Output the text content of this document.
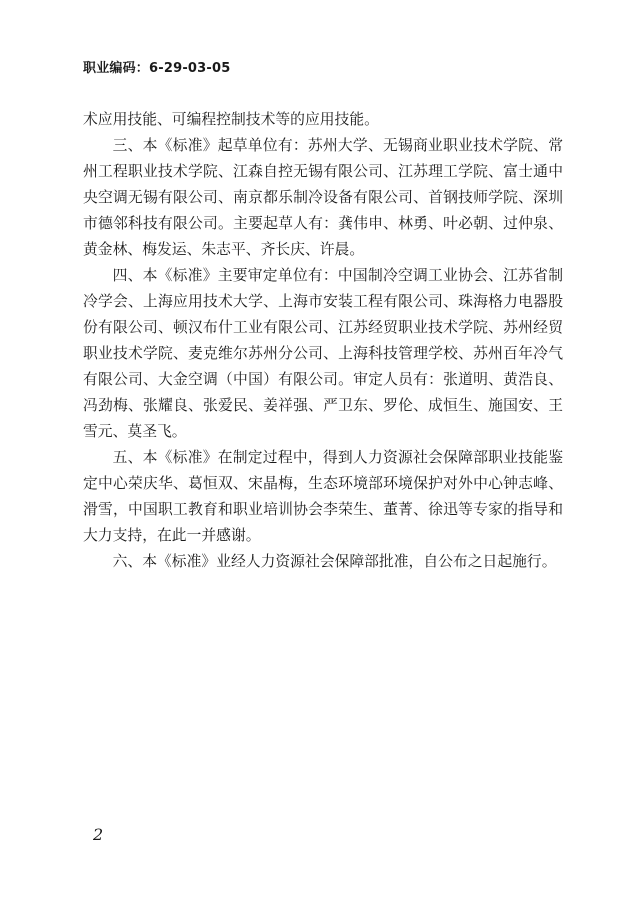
职业编码：6-29-03-05

术应用技能、可编程控制技术等的应用技能。

三、本《标准》起草单位有：苏州大学、无锡商业职业技术学院、常州工程职业技术学院、江森自控无锡有限公司、江苏理工学院、富士通中央空调无锡有限公司、南京都乐制冷设备有限公司、首钢技师学院、深圳市德邻科技有限公司。主要起草人有：龚伟申、林勇、叶必朝、过仲泉、黄金林、梅发运、朱志平、齐长庆、许晨。

四、本《标准》主要审定单位有：中国制冷空调工业协会、江苏省制冷学会、上海应用技术大学、上海市安装工程有限公司、珠海格力电器股份有限公司、顿汉布什工业有限公司、江苏经贸职业技术学院、苏州经贸职业技术学院、麦克维尔苏州分公司、上海科技管理学校、苏州百年冷气有限公司、大金空调（中国）有限公司。审定人员有：张道明、黄浩良、冯劲梅、张耀良、张爱民、姜祥强、严卫东、罗伦、成恒生、施国安、王雪元、莫圣飞。

五、本《标准》在制定过程中，得到人力资源社会保障部职业技能鉴定中心荣庆华、葛恒双、宋晶梅，生态环境部环境保护对外中心钟志峰、滑雪，中国职工教育和职业培训协会李荣生、董菁、徐迅等专家的指导和大力支持，在此一并感谢。

六、本《标准》业经人力资源社会保障部批准，自公布之日起施行。

2
